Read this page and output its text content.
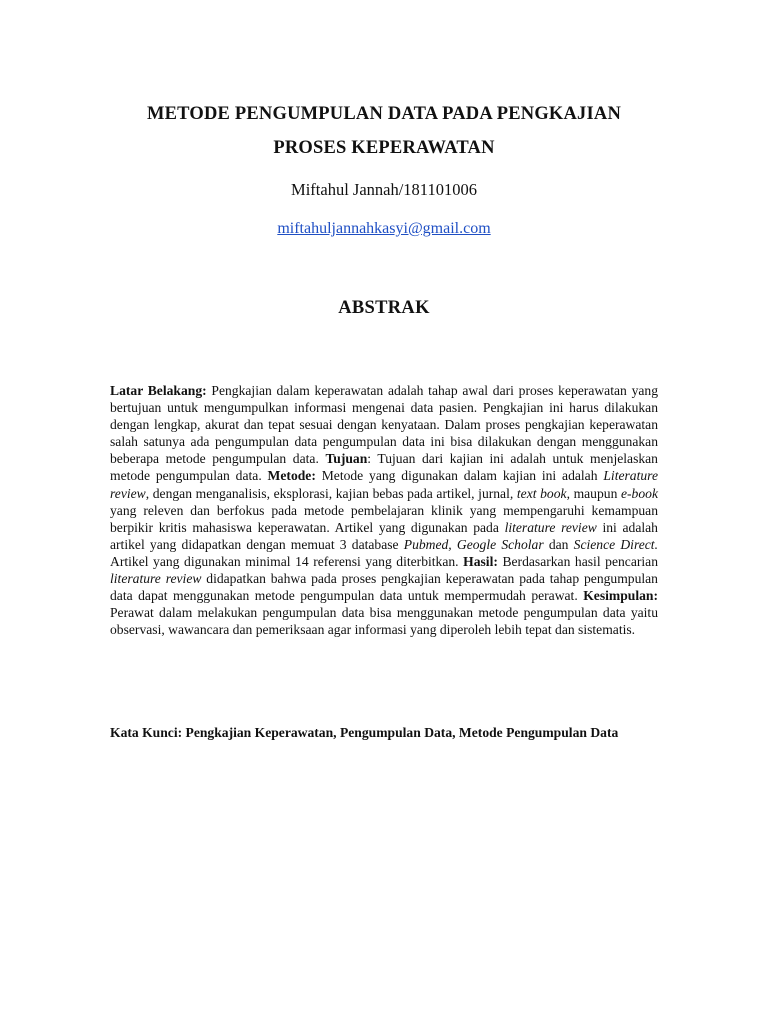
METODE PENGUMPULAN DATA PADA PENGKAJIAN
PROSES KEPERAWATAN
Miftahul Jannah/181101006
miftahuljannahkasyi@gmail.com
ABSTRAK
Latar Belakang: Pengkajian dalam keperawatan adalah tahap awal dari proses keperawatan yang bertujuan untuk mengumpulkan informasi mengenai data pasien. Pengkajian ini harus dilakukan dengan lengkap, akurat dan tepat sesuai dengan kenyataan. Dalam proses pengkajian keperawatan salah satunya ada pengumpulan data pengumpulan data ini bisa dilakukan dengan menggunakan beberapa metode pengumpulan data. Tujuan: Tujuan dari kajian ini adalah untuk menjelaskan metode pengumpulan data. Metode: Metode yang digunakan dalam kajian ini adalah Literature review, dengan menganalisis, eksplorasi, kajian bebas pada artikel, jurnal, text book, maupun e-book yang releven dan berfokus pada metode pembelajaran klinik yang mempengaruhi kemampuan berpikir kritis mahasiswa keperawatan. Artikel yang digunakan pada literature review ini adalah artikel yang didapatkan dengan memuat 3 database Pubmed, Geogle Scholar dan Science Direct. Artikel yang digunakan minimal 14 referensi yang diterbitkan. Hasil: Berdasarkan hasil pencarian literature review didapatkan bahwa pada proses pengkajian keperawatan pada tahap pengumpulan data dapat menggunakan metode pengumpulan data untuk mempermudah perawat. Kesimpulan: Perawat dalam melakukan pengumpulan data bisa menggunakan metode pengumpulan data yaitu observasi, wawancara dan pemeriksaan agar informasi yang diperoleh lebih tepat dan sistematis.
Kata Kunci: Pengkajian Keperawatan, Pengumpulan Data, Metode Pengumpulan Data
